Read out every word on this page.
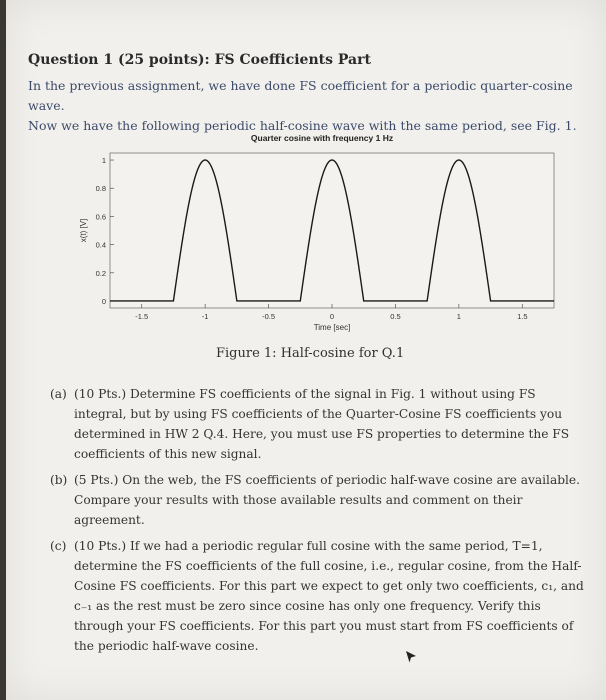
Question 1 (25 points): FS Coefficients Part

In the previous assignment, we have done FS coefficient for a periodic quarter-cosine wave.

Now we have the following periodic half-cosine wave with the same period, see Fig. 1.

Quarter cosine with frequency 1 Hz
0
0.2
0.4
0.6
0.8
1
-1.5	-1	-0.5	0	0.5	1	1.5
Time [sec]
x(t) [V]
Figure 1: Half-cosine for Q.1
(a) (10 Pts.) Determine FS coefficients of the signal in Fig. 1 without using FS integral, but by using FS coefficients of the Quarter-Cosine FS coefficients you determined in HW 2 Q.4. Here, you must use FS properties to determine the FS coefficients of this new signal.

(b) (5 Pts.) On the web, the FS coefficients of periodic half-wave cosine are available. Compare your results with those available results and comment on their agreement.

(c) (10 Pts.) If we had a periodic regular full cosine with the same period, T=1, determine the FS coefficients of the full cosine, i.e., regular cosine, from the Half-Cosine FS coefficients. For this part we expect to get only two coefficients, c₁, and c₋₁ as the rest must be zero since cosine has only one frequency. Verify this through your FS coefficients. For this part you must start from FS coefficients of the periodic half-wave cosine.
